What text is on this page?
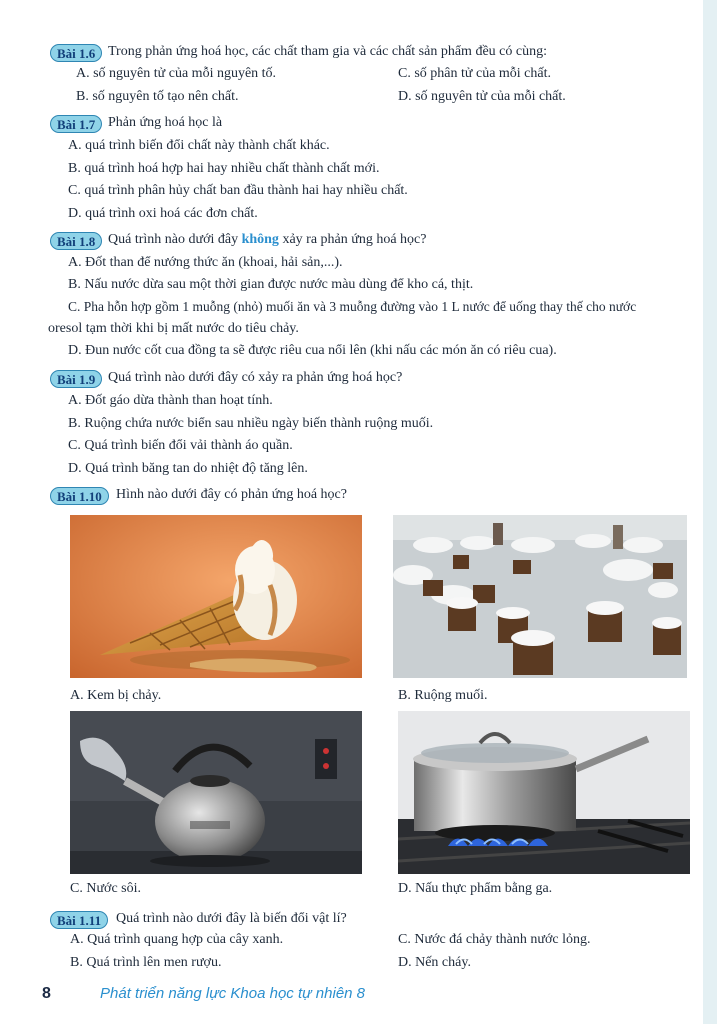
Bài 1.6 Trong phản ứng hoá học, các chất tham gia và các chất sản phẩm đều có cùng:
A. số nguyên tử của mỗi nguyên tố.	C. số phân tử của mỗi chất.
B. số nguyên tố tạo nên chất.	D. số nguyên tử của mỗi chất.
Bài 1.7 Phản ứng hoá học là
A. quá trình biến đổi chất này thành chất khác.
B. quá trình hoá hợp hai hay nhiều chất thành chất mới.
C. quá trình phân hủy chất ban đầu thành hai hay nhiều chất.
D. quá trình oxi hoá các đơn chất.
Bài 1.8 Quá trình nào dưới đây không xảy ra phản ứng hoá học?
A. Đốt than để nướng thức ăn (khoai, hải sản,...).
B. Nấu nước dừa sau một thời gian được nước màu dùng để kho cá, thịt.
C. Pha hỗn hợp gồm 1 muỗng (nhỏ) muối ăn và 3 muỗng đường vào 1 L nước để uống thay thế cho nước
oresol tạm thời khi bị mất nước do tiêu chảy.
D. Đun nước cốt cua đồng ta sẽ được riêu cua nổi lên (khi nấu các món ăn có riêu cua).
Bài 1.9 Quá trình nào dưới đây có xảy ra phản ứng hoá học?
A. Đốt gáo dừa thành than hoạt tính.
B. Ruộng chứa nước biển sau nhiều ngày biến thành ruộng muối.
C. Quá trình biến đổi vải thành áo quần.
D. Quá trình băng tan do nhiệt độ tăng lên.
Bài 1.10	Hình nào dưới đây có phản ứng hoá học?
A. Kem bị chảy.	B. Ruộng muối.
C. Nước sôi.	D. Nấu thực phẩm bằng ga.
Bài 1.11	Quá trình nào dưới đây là biến đổi vật lí?
A. Quá trình quang hợp của cây xanh.	C. Nước đá chảy thành nước lỏng.
B. Quá trình lên men rượu.	D. Nến cháy.
8	Phát triển năng lực Khoa học tự nhiên 8
